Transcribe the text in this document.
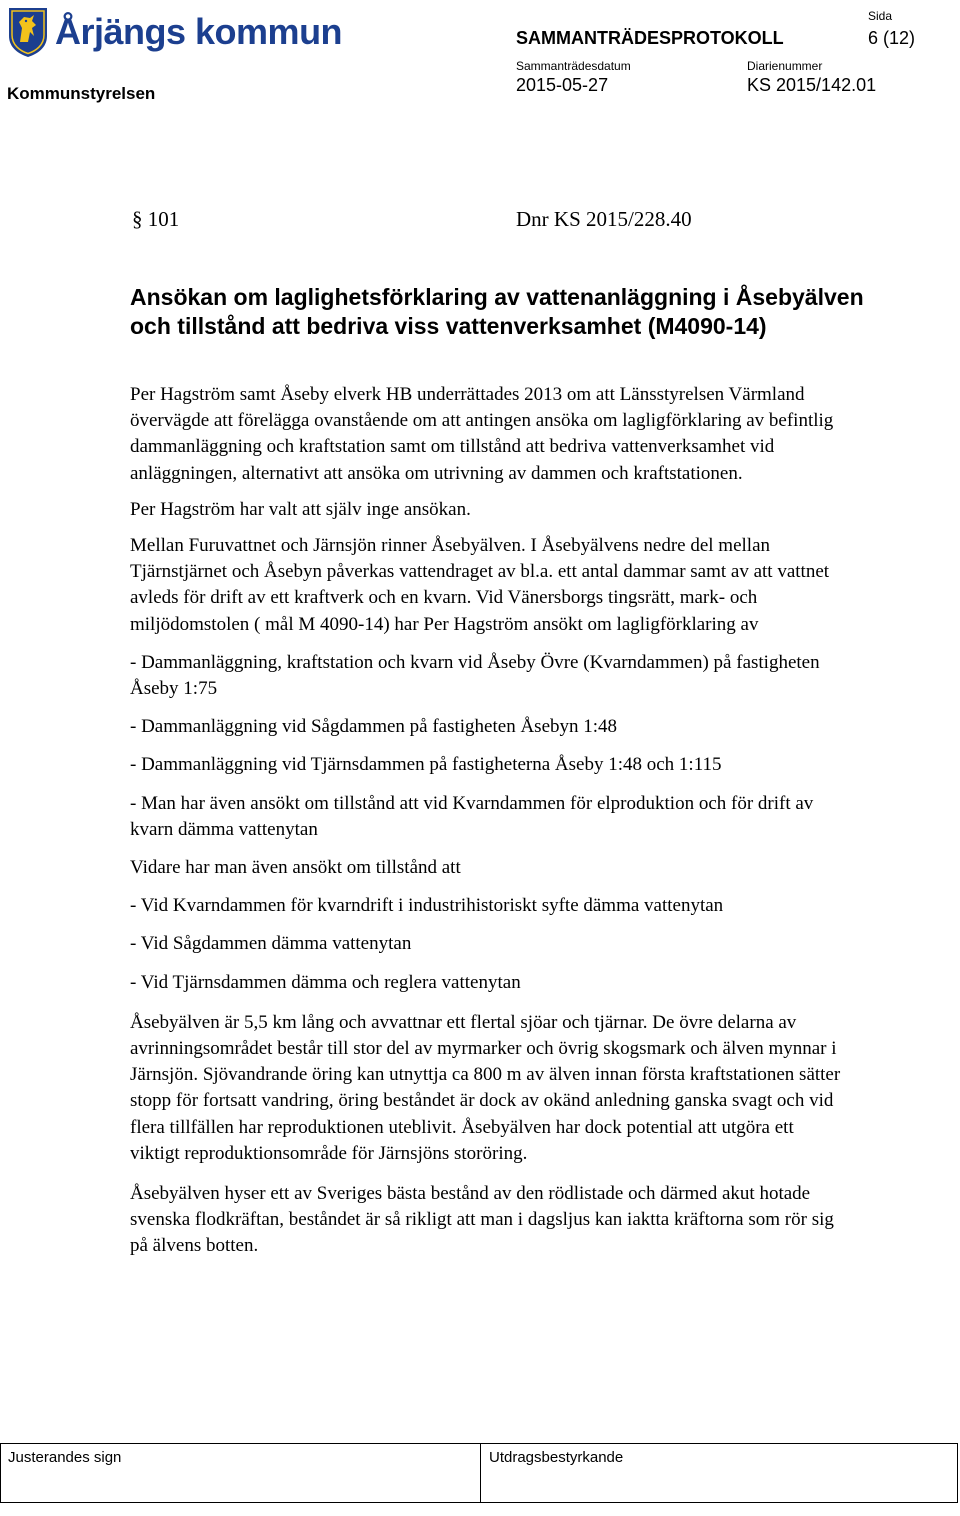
Årjängs kommun
Kommunstyrelsen
SAMMANTRÄDESPROTOKOLL
Sida
6 (12)
Sammanträdesdatum	Diarienummer
2015-05-27	KS 2015/142.01
§ 101	Dnr KS 2015/228.40
Ansökan om laglighetsförklaring av vattenanläggning i Åsebyälven och tillstånd att bedriva viss vattenverksamhet (M4090-14)

Per Hagström samt Åseby elverk HB underrättades 2013 om att Länsstyrelsen Värmland övervägde att förelägga ovanstående om att antingen ansöka om lagligförklaring av befintlig dammanläggning och kraftstation samt om tillstånd att bedriva vattenverksamhet vid anläggningen, alternativt att ansöka om utrivning av dammen och kraftstationen.

Per Hagström har valt att själv inge ansökan.

Mellan Furuvattnet och Järnsjön rinner Åsebyälven. I Åsebyälvens nedre del mellan Tjärnstjärnet och Åsebyn påverkas vattendraget av bl.a. ett antal dammar samt av att vattnet avleds för drift av ett kraftverk och en kvarn. Vid Vänersborgs tingsrätt, mark- och miljödomstolen ( mål M 4090-14) har Per Hagström ansökt om lagligförklaring av

- Dammanläggning, kraftstation och kvarn vid Åseby Övre (Kvarndammen) på fastigheten Åseby 1:75

- Dammanläggning vid Sågdammen på fastigheten Åsebyn 1:48

- Dammanläggning vid Tjärnsdammen på fastigheterna Åseby 1:48 och 1:115

- Man har även ansökt om tillstånd att vid Kvarndammen för elproduktion och för drift av kvarn dämma vattenytan

Vidare har man även ansökt om tillstånd att

- Vid Kvarndammen för kvarndrift i industrihistoriskt syfte dämma vattenytan

- Vid Sågdammen dämma vattenytan

- Vid Tjärnsdammen dämma och reglera vattenytan

Åsebyälven är 5,5 km lång och avvattnar ett flertal sjöar och tjärnar. De övre delarna av avrinningsområdet består till stor del av myrmarker och övrig skogsmark och älven mynnar i Järnsjön. Sjövandrande öring kan utnyttja ca 800 m av älven innan första kraftstationen sätter stopp för fortsatt vandring, öring beståndet är dock av okänd anledning ganska svagt och vid flera tillfällen har reproduktionen uteblivit. Åsebyälven har dock potential att utgöra ett viktigt reproduktionsområde för Järnsjöns storöring.

Åsebyälven hyser ett av Sveriges bästa bestånd av den rödlistade och därmed akut hotade svenska flodkräftan, beståndet är så rikligt att man i dagsljus kan iaktta kräftorna som rör sig på älvens botten.

Justerandes sign	Utdragsbestyrkande
